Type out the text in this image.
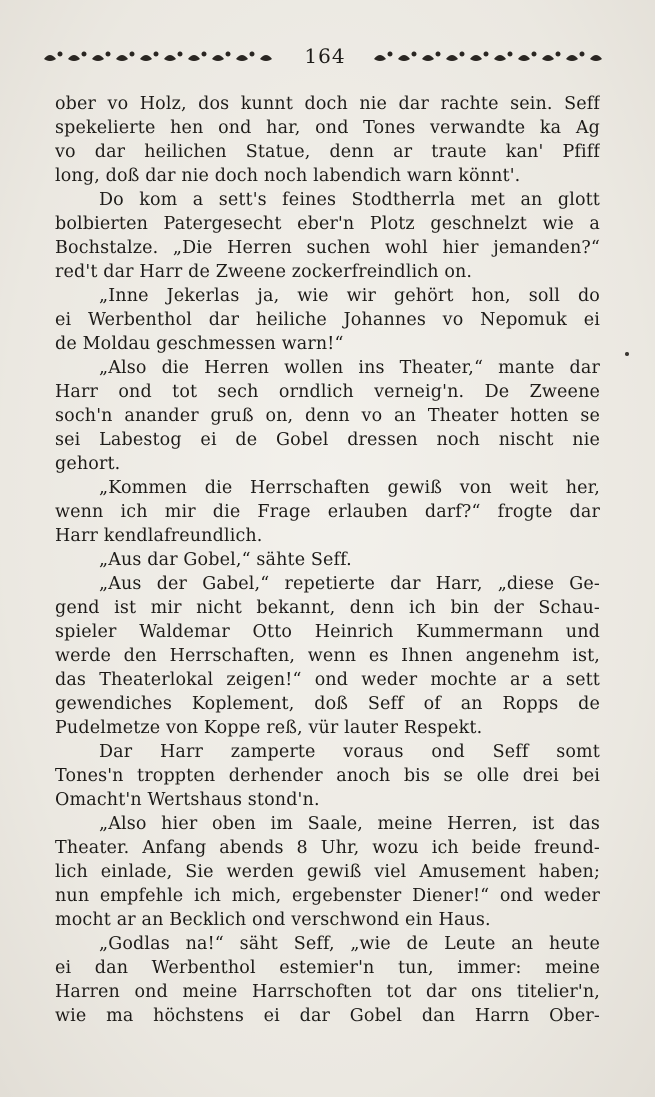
164
ober vo Holz, dos kunnt doch nie dar rachte sein. Seff
spekelierte hen ond har, ond Tones verwandte ka Ag
vo dar heilichen Statue, denn ar traute kan' Pfiff
long, doß dar nie doch noch labendich warn könnt'.
Do kom a sett's feines Stodtherrla met an glott
bolbierten Patergesecht eber'n Plotz geschnelzt wie a
Bochstalze. „Die Herren suchen wohl hier jemanden?“
red't dar Harr de Zweene zockerfreindlich on.
„Inne Jekerlas ja, wie wir gehört hon, soll do
ei Werbenthol dar heiliche Johannes vo Nepomuk ei
de Moldau geschmessen warn!“
„Also die Herren wollen ins Theater,“ mante dar
Harr ond tot sech orndlich verneig'n. De Zweene
soch'n anander gruß on, denn vo an Theater hotten se
sei Labestog ei de Gobel dressen noch nischt nie
gehort.
„Kommen die Herrschaften gewiß von weit her,
wenn ich mir die Frage erlauben darf?“ frogte dar
Harr kendlafreundlich.
„Aus dar Gobel,“ sähte Seff.
„Aus der Gabel,“ repetierte dar Harr, „diese Ge-
gend ist mir nicht bekannt, denn ich bin der Schau-
spieler Waldemar Otto Heinrich Kummermann und
werde den Herrschaften, wenn es Ihnen angenehm ist,
das Theaterlokal zeigen!“ ond weder mochte ar a sett
gewendiches Koplement, doß Seff of an Ropps de
Pudelmetze von Koppe reß, vür lauter Respekt.
Dar Harr zamperte voraus ond Seff somt
Tones'n troppten derhender anoch bis se olle drei bei
Omacht'n Wertshaus stond'n.
„Also hier oben im Saale, meine Herren, ist das
Theater. Anfang abends 8 Uhr, wozu ich beide freund-
lich einlade, Sie werden gewiß viel Amusement haben;
nun empfehle ich mich, ergebenster Diener!“ ond weder
mocht ar an Becklich ond verschwond ein Haus.
„Godlas na!“ säht Seff, „wie de Leute an heute
ei dan Werbenthol estemier'n tun, immer: meine
Harren ond meine Harrschoften tot dar ons titelier'n,
wie ma höchstens ei dar Gobel dan Harrn Ober-
